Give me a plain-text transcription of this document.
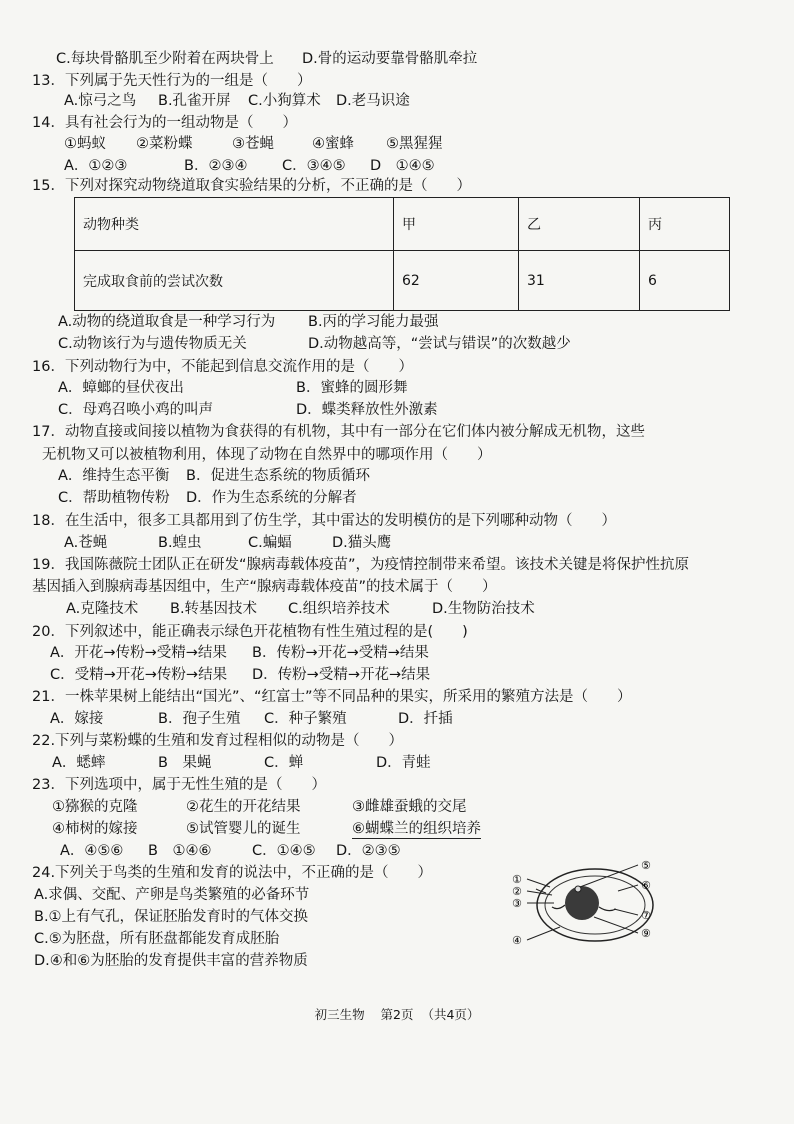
C.每块骨骼肌至少附着在两块骨上 D.骨的运动要靠骨骼肌牵拉
13．下列属于先天性行为的一组是（　　）
A.惊弓之鸟 B.孔雀开屏 C.小狗算术 D.老马识途
14．具有社会行为的一组动物是（　　）
①蚂蚁 ②菜粉蝶	③苍蝇	④蜜蜂 ⑤黑猩猩
A．①②③	B．②③④ C．③④⑤ D　①④⑤
15．下列对探究动物绕道取食实验结果的分析，不正确的是（　　）
动物种类	甲	乙	丙
完成取食前的尝试次数	62	31	6
A.动物的绕道取食是一种学习行为 B.丙的学习能力最强
C.动物该行为与遗传物质无关	D.动物越高等，“尝试与错误”的次数越少
16．下列动物行为中，不能起到信息交流作用的是（　　）
A．蟑螂的昼伏夜出	B．蜜蜂的圆形舞
C．母鸡召唤小鸡的叫声	D．蝶类释放性外激素
17．动物直接或间接以植物为食获得的有机物，其中有一部分在它们体内被分解成无机物，这些
无机物又可以被植物利用，体现了动物在自然界中的哪项作用（　　）
A．维持生态平衡 B．促进生态系统的物质循环
C．帮助植物传粉 D．作为生态系统的分解者
18．在生活中，很多工具都用到了仿生学，其中雷达的发明模仿的是下列哪种动物（　　）
A.苍蝇	B.蝗虫	C.蝙蝠	D.猫头鹰
19．我国陈薇院士团队正在研发“腺病毒载体疫苗”，为疫情控制带来希望。该技术关键是将保护性抗原
基因插入到腺病毒基因组中，生产“腺病毒载体疫苗”的技术属于（　　）
A.克隆技术 B.转基因技术 C.组织培养技术	D.生物防治技术
20．下列叙述中，能正确表示绿色开花植物有性生殖过程的是(　　)
A．开花→传粉→受精→结果 B．传粉→开花→受精→结果
C．受精→开花→传粉→结果 D．传粉→受精→开花→结果
21．一株苹果树上能结出“国光”、“红富士”等不同品种的果实，所采用的繁殖方法是（　　）
A．嫁接	B．孢子生殖 C．种子繁殖	D．扦插
22.下列与菜粉蝶的生殖和发育过程相似的动物是（　　）
A．蟋蟀	B　果蝇	C．蝉	D．青蛙
23．下列选项中，属于无性生殖的是（　　）
①猕猴的克隆	②花生的开花结果	③雌雄蚕蛾的交尾
④柿树的嫁接	⑤试管婴儿的诞生	⑥蝴蝶兰的组织培养
A．④⑤⑥ B　①④⑥	C．①④⑤ D．②③⑤
24.下列关于鸟类的生殖和发育的说法中，不正确的是（　　）
A.求偶、交配、产卵是鸟类繁殖的必备环节
B.①上有气孔，保证胚胎发育时的气体交换
C.⑤为胚盘，所有胚盘都能发育成胚胎
D.④和⑥为胚胎的发育提供丰富的营养物质
①
②
③
④
⑤
⑥
⑦
⑨
初三生物 第2页 （共4页）
